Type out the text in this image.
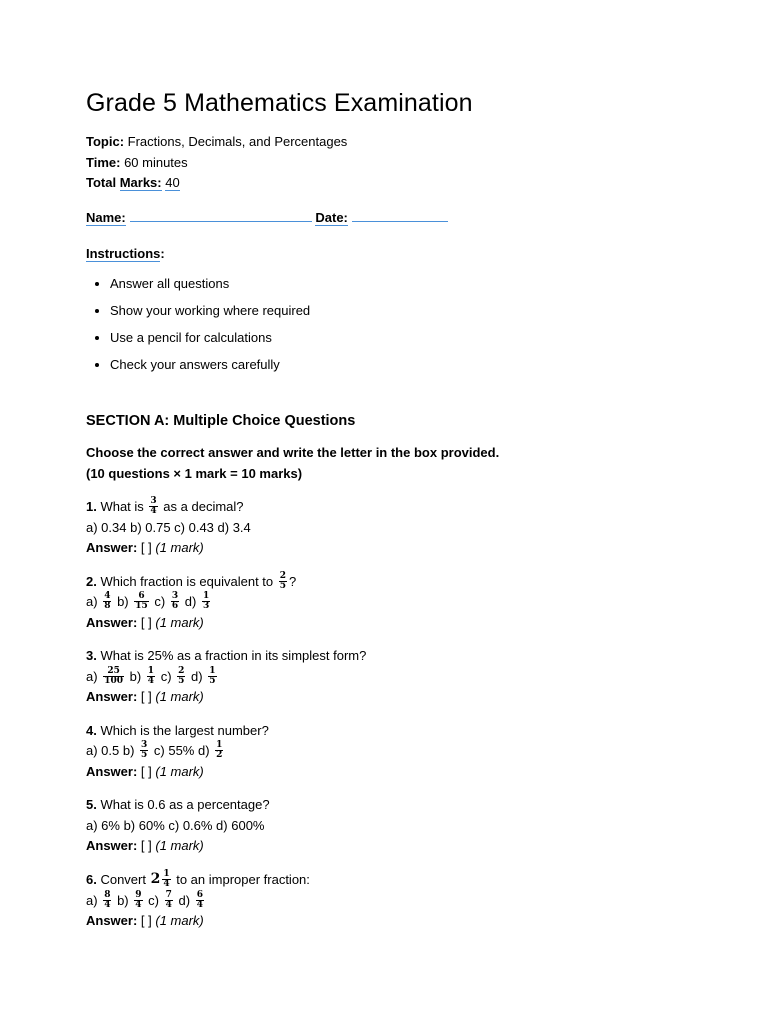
Grade 5 Mathematics Examination

Topic: Fractions, Decimals, and Percentages

Time: 60 minutes

Total Marks: 40

Name:	Date:
Instructions:
• Answer all questions
• Show your working where required
• Use a pencil for calculations
• Check your answers carefully
SECTION A: Multiple Choice Questions
Choose the correct answer and write the letter in the box provided.
(10 questions × 1 mark = 10 marks)
1. What is $\frac{3}{4}$ as a decimal?
a) 0.34 b) 0.75 c) 0.43 d) 3.4
Answer: [ ] (1 mark)
2. Which fraction is equivalent to $\frac{2}{5}$ ?
$a) \frac{4}{8} b) \frac{6}{15} c) \frac{3}{6} d) \frac{1}{3}$
Answer: [ ] (1 mark)
3. What is 25% as a fraction in its simplest form?
$a) \frac{25}{100} b) \frac{1}{4} c) \frac{2}{5} d) \frac{1}{5}$
Answer: [ ] (1 mark)
4. Which is the largest number?
a) 0.5 $b) \frac{3}{5} c$) 55% $d) \frac{1}{2}$
Answer: [ ] (1 mark)
5. What is 0.6 as a percentage?
a) 6% b) 60% c) 0.6% d) 600%
Answer: [ ] (1 mark)
6. Convert $2 \frac{1}{4}$ to an improper fraction:
$a) \frac{8}{4} b) \frac{9}{4} c) \frac{7}{4} d) \frac{6}{4}$
Answer: [ ] (1 mark)
